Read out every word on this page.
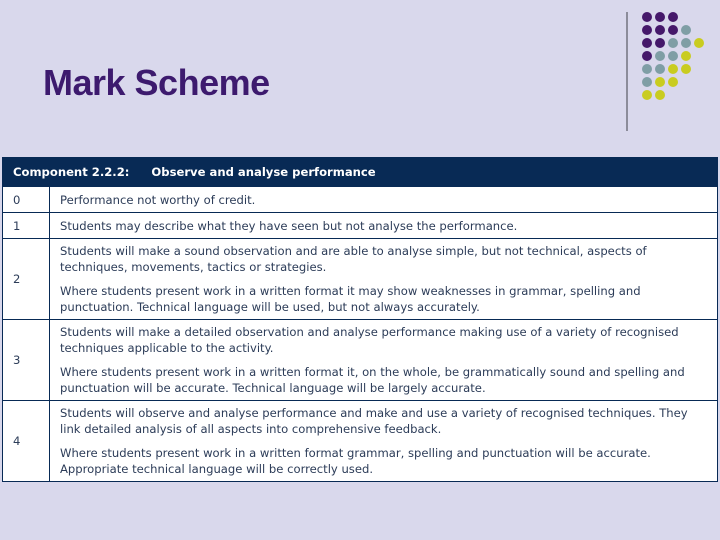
Mark Scheme
Component 2.2.2: Observe and analyse performance	
0	Performance not worthy of credit.

1	Students may describe what they have seen but not analyse the performance.

2	Students will make a sound observation and are able to analyse simple, but not technical, aspects of techniques, movements, tactics or strategies.

Where students present work in a written format it may show weaknesses in grammar, spelling and punctuation. Technical language will be used, but not always accurately.

3	Students will make a detailed observation and analyse performance making use of a variety of recognised techniques applicable to the activity.

Where students present work in a written format it, on the whole, be grammatically sound and spelling and punctuation will be accurate. Technical language will be largely accurate.

4	Students will observe and analyse performance and make and use a variety of recognised techniques. They link detailed analysis of all aspects into comprehensive feedback.

Where students present work in a written format grammar, spelling and punctuation will be accurate. Appropriate technical language will be correctly used.
